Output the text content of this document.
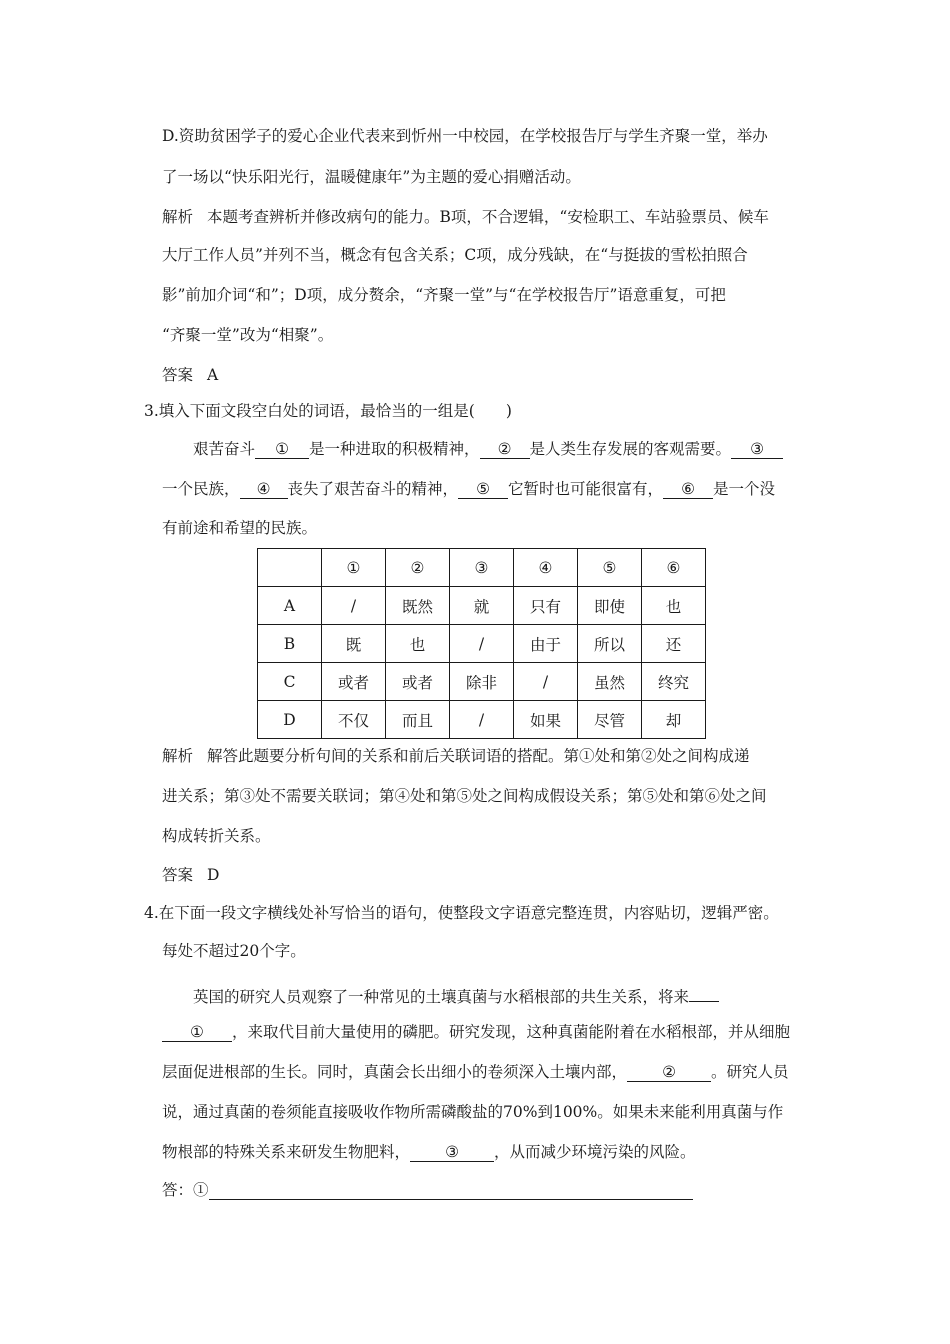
D.资助贫困学子的爱心企业代表来到忻州一中校园，在学校报告厅与学生齐聚一堂，举办
了一场以“快乐阳光行，温暖健康年”为主题的爱心捐赠活动。
解析 本题考查辨析并修改病句的能力。B项，不合逻辑，“安检职工、车站验票员、候车
大厅工作人员”并列不当，概念有包含关系；C项，成分残缺，在“与挺拔的雪松拍照合
影”前加介词“和”；D项，成分赘余，“齐聚一堂”与“在学校报告厅”语意重复，可把
“齐聚一堂”改为“相聚”。
答案 A
3.填入下面文段空白处的词语，最恰当的一组是(　　)
艰苦奋斗 ① 是一种进取的积极精神， ② 是人类生存发展的客观需要。 ③
一个民族， ④ 丧失了艰苦奋斗的精神， ⑤ 它暂时也可能很富有， ⑥ 是一个没
有前途和希望的民族。
	①	②	③	④	⑤	⑥
A	/	既然	就	只有	即使	也
B	既	也	/	由于	所以	还
C	或者	或者	除非	/	虽然	终究
D	不仅	而且	/	如果	尽管	却
解析 解答此题要分析句间的关系和前后关联词语的搭配。第①处和第②处之间构成递
进关系；第③处不需要关联词；第④处和第⑤处之间构成假设关系；第⑤处和第⑥处之间
构成转折关系。
答案 D
4.在下面一段文字横线处补写恰当的语句，使整段文字语意完整连贯，内容贴切，逻辑严密。
每处不超过20个字。
英国的研究人员观察了一种常见的土壤真菌与水稻根部的共生关系，将来
① ，来取代目前大量使用的磷肥。研究发现，这种真菌能附着在水稻根部，并从细胞
层面促进根部的生长。同时，真菌会长出细小的卷须深入土壤内部， ② 。研究人员
说，通过真菌的卷须能直接吸收作物所需磷酸盐的70%到100%。如果未来能利用真菌与作
物根部的特殊关系来研发生物肥料， ③ ，从而减少环境污染的风险。
答：①
